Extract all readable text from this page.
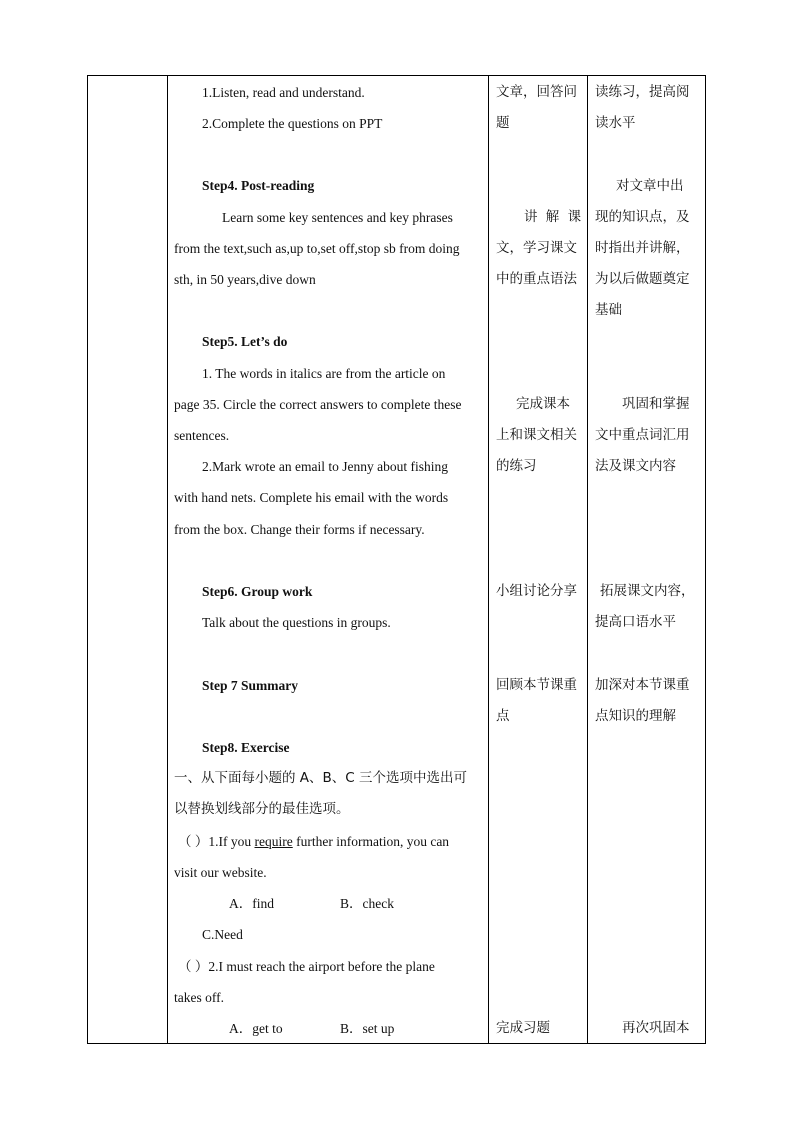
1.Listen, read and understand.
2.Complete the questions on PPT
Step4. Post-reading
Learn some key sentences and key phrases
from the text,such as,up to,set off,stop sb from doing
sth, in 50 years,dive down
Step5. Let’s do
1. The words in italics are from the article on
page 35. Circle the correct answers to complete these
sentences.
2.Mark wrote an email to Jenny about fishing
with hand nets. Complete his email with the words
from the box. Change their forms if necessary.
Step6. Group work
Talk about the questions in groups.
Step 7 Summary
Step8. Exercise
一、从下面每小题的 A、B、C 三个选项中选出可
以替换划线部分的最佳选项。
（ ）1.If you require further information, you can
visit our website.
A．find	B．check
C.Need
（ ）2.I must reach the airport before the plane
takes off.
A．get to	B．set up
文章，回答问
题
讲 解 课
文，学习课文
中的重点语法
完成课本
上和课文相关
的练习
小组讨论分享
回顾本节课重
点
完成习题
读练习，提高阅
读水平
对文章中出
现的知识点，及
时指出并讲解，
为以后做题奠定
基础
巩固和掌握
文中重点词汇用
法及课文内容
拓展课文内容，
提高口语水平
加深对本节课重
点知识的理解
再次巩固本
